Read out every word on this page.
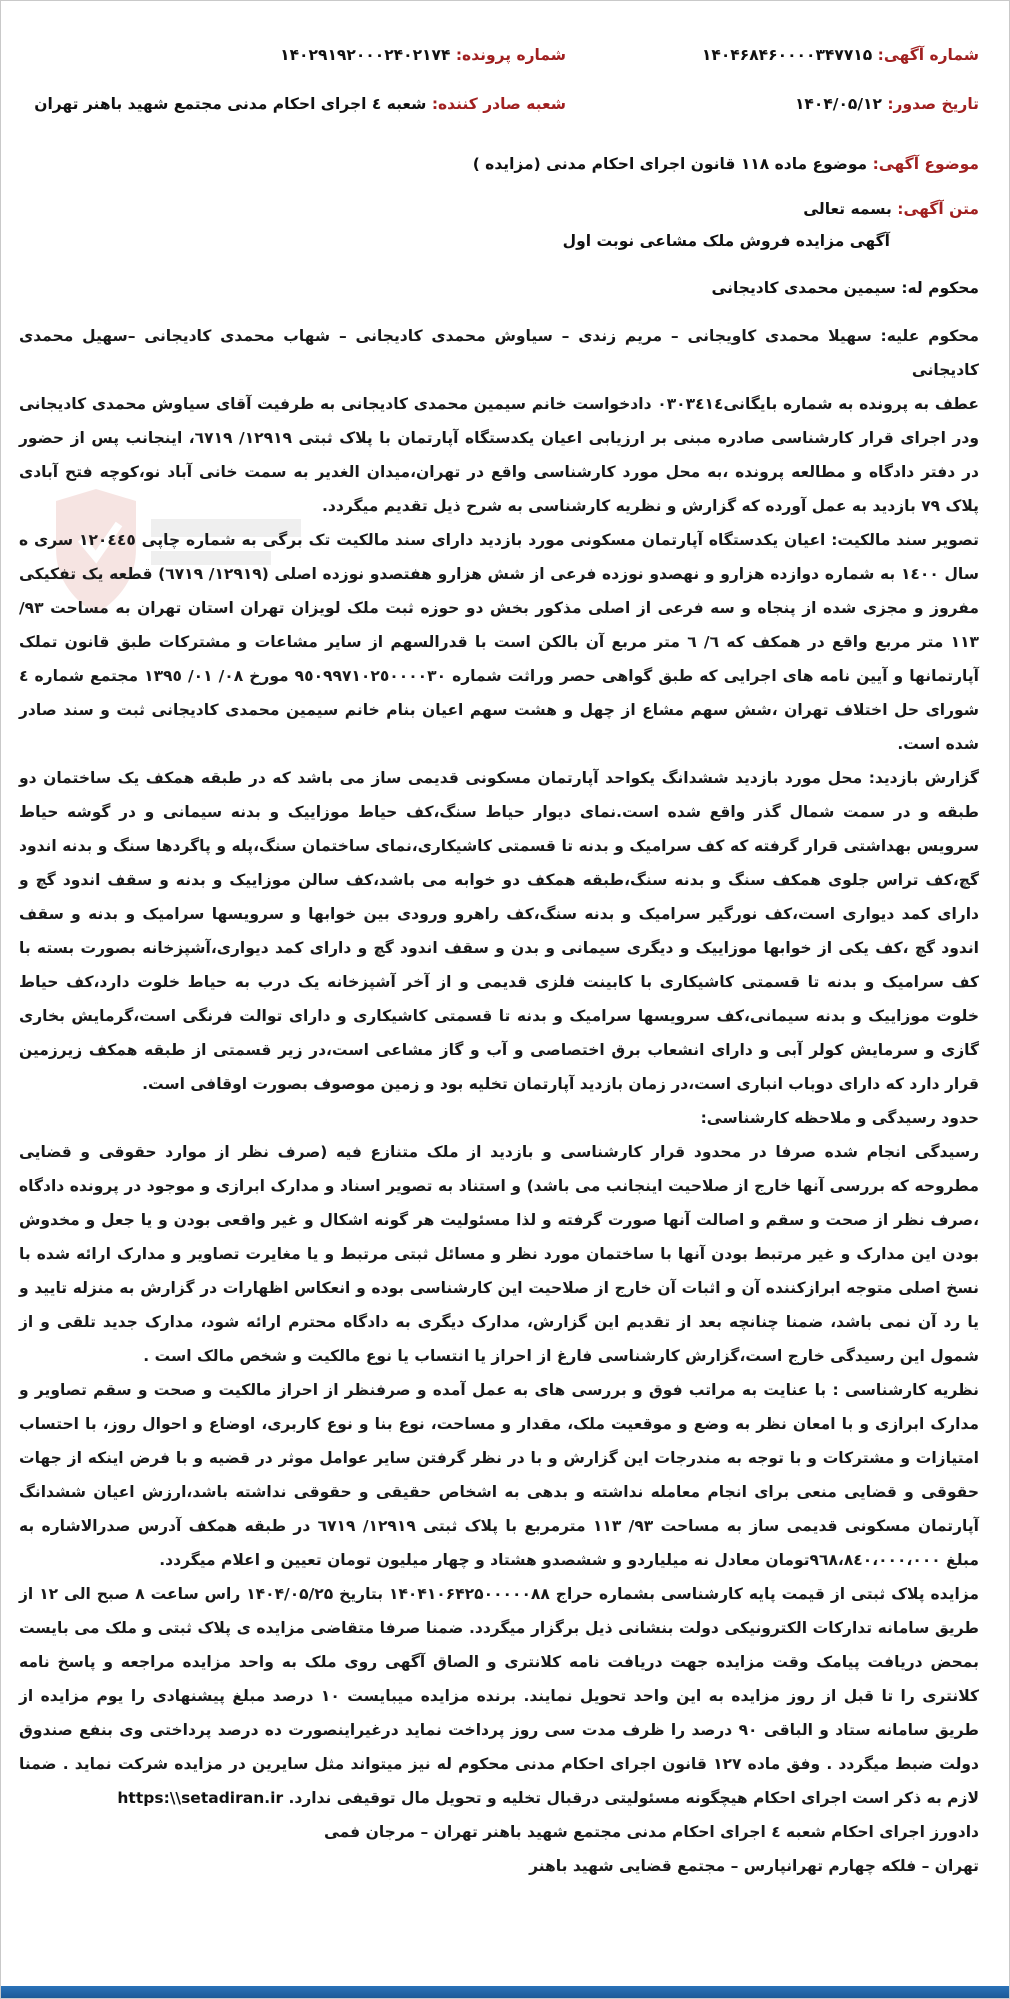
شماره آگهی: ۱۴۰۴۶۸۴۶۰۰۰۰۳۴۷۷۱۵
شماره پرونده: ۱۴۰۲۹۱۹۲۰۰۰۲۴۰۲۱۷۴
تاریخ صدور: ۱۴۰۴/۰۵/۱۲
شعبه صادر کننده: شعبه ٤ اجرای احکام مدنی مجتمع شهید باهنر تهران
موضوع آگهی: موضوع ماده ۱۱۸ قانون اجرای احکام مدنی (مزایده )
متن آگهی: بسمه تعالی
آگهی مزایده فروش ملک مشاعی نوبت اول
محکوم له: سیمین محمدی کادیجانی

محکوم علیه: سهیلا محمدی کاویجانی – مریم زندی – سیاوش محمدی کادیجانی – شهاب محمدی کادیجانی –سهیل محمدی کادیجانی

عطف به پرونده به شماره بایگانی۰۳۰۳٤۱٤ دادخواست خانم سیمین محمدی کادیجانی به طرفیت آقای سیاوش محمدی کادیجانی ودر اجرای قرار کارشناسی صادره مبنی بر ارزیابی اعیان یکدستگاه آپارتمان با پلاک ثبتی ۱۲۹۱۹/ ٦٧١٩، اینجانب پس از حضور در دفتر دادگاه و مطالعه پرونده ،به محل مورد کارشناسی واقع در تهران،میدان الغدیر به سمت خانی آباد نو،کوچه فتح آبادی پلاک ۷۹ بازدید به عمل آورده که گزارش و نظریه کارشناسی به شرح ذیل تقدیم میگردد.

تصویر سند مالکیت: اعیان یکدستگاه آپارتمان مسکونی مورد بازدید دارای سند مالکیت تک برگی به شماره چاپی ۱۲۰٤٤٥ سری ه سال ۱٤۰۰ به شماره دوازده هزارو و نهصدو نوزده فرعی از شش هزارو هفتصدو نوزده اصلی (۱۲۹۱۹/ ٦٧١٩) قطعه یک تفکیکی مفروز و مجزی شده از پنجاه و سه فرعی از اصلی مذکور بخش دو حوزه ثبت ملک لویزان تهران استان تهران به مساحت ۹۳/ ۱۱۳ متر مربع واقع در همکف که ٦/ ٦ متر مربع آن بالکن است با قدرالسهم از سایر مشاعات و مشترکات طبق قانون تملک آپارتمانها و آیین نامه های اجرایی که طبق گواهی حصر وراثت شماره ۹٥۰۹۹۷۱۰۲٥۰۰۰۰۳۰ مورخ ۰۸/ ۰۱/ ۱۳۹٥ مجتمع شماره ٤ شورای حل اختلاف تهران ،شش سهم مشاع از چهل و هشت سهم اعیان بنام خانم سیمین محمدی کادیجانی ثبت و سند صادر شده است.

گزارش بازدید: محل مورد بازدید ششدانگ یکواحد آپارتمان مسکونی قدیمی ساز می باشد که در طبقه همکف یک ساختمان دو طبقه و در سمت شمال گذر واقع شده است.نمای دیوار حیاط سنگ،کف حیاط موزاییک و بدنه سیمانی و در گوشه حیاط سرویس بهداشتی قرار گرفته که کف سرامیک و بدنه تا قسمتی کاشیکاری،نمای ساختمان سنگ،پله و پاگردها سنگ و بدنه اندود گچ،کف تراس جلوی همکف سنگ و بدنه سنگ،طبقه همکف دو خوابه می باشد،کف سالن موزاییک و بدنه و سقف اندود گچ و دارای کمد دیواری است،کف نورگیر سرامیک و بدنه سنگ،کف راهرو ورودی بین خوابها و سرویسها سرامیک و بدنه و سقف اندود گچ ،کف یکی از خوابها موزاییک و دیگری سیمانی و بدن و سقف اندود گچ و دارای کمد دیواری،آشپزخانه بصورت بسته با کف سرامیک و بدنه تا قسمتی کاشیکاری با کابینت فلزی قدیمی و از آخر آشپزخانه یک درب به حیاط خلوت دارد،کف حیاط خلوت موزاییک و بدنه سیمانی،کف سرویسها سرامیک و بدنه تا قسمتی کاشیکاری و دارای توالت فرنگی است،گرمایش بخاری گازی و سرمایش کولر آبی و دارای انشعاب برق اختصاصی و آب و گاز مشاعی است،در زیر قسمتی از طبقه همکف زیرزمین قرار دارد که دارای دوباب انباری است،در زمان بازدید آپارتمان تخلیه بود و زمین موصوف بصورت اوقافی است.

حدود رسیدگی و ملاحظه کارشناسی:

رسیدگی انجام شده صرفا در محدود قرار کارشناسی و بازدید از ملک متنازع فیه (صرف نظر از موارد حقوقی و قضایی مطروحه که بررسی آنها خارج از صلاحیت اینجانب می باشد) و استناد به تصویر اسناد و مدارک ابرازی و موجود در پرونده دادگاه ،صرف نظر از صحت و سقم و اصالت آنها صورت گرفته و لذا مسئولیت هر گونه اشکال و غیر واقعی بودن و یا جعل و مخدوش بودن این مدارک و غیر مرتبط بودن آنها با ساختمان مورد نظر و مسائل ثبتی مرتبط و یا مغایرت تصاویر و مدارک ارائه شده با نسخ اصلی متوجه ابرازکننده آن و اثبات آن خارج از صلاحیت این کارشناسی بوده و انعکاس اظهارات در گزارش به منزله تایید و یا رد آن نمی باشد، ضمنا چنانچه بعد از تقدیم این گزارش، مدارک دیگری به دادگاه محترم ارائه شود، مدارک جدید تلقی و از شمول این رسیدگی خارج است،گزارش کارشناسی فارغ از احراز یا انتساب یا نوع مالکیت و شخص مالک است .

نظریه کارشناسی : با عنایت به مراتب فوق و بررسی های به عمل آمده و صرفنظر از احراز مالکیت و صحت و سقم تصاویر و مدارک ابرازی و با امعان نظر به وضع و موقعیت ملک، مقدار و مساحت، نوع بنا و نوع کاربری، اوضاع و احوال روز، با احتساب امتیازات و مشترکات و با توجه به مندرجات این گزارش و با در نظر گرفتن سایر عوامل موثر در قضیه و با فرض اینکه از جهات حقوقی و قضایی منعی برای انجام معامله نداشته و بدهی به اشخاص حقیقی و حقوقی نداشته باشد،ارزش اعیان ششدانگ آپارتمان مسکونی قدیمی ساز به مساحت ۹۳/ ۱۱۳ مترمربع با پلاک ثبتی ۱۲۹۱۹/ ٦٧١٩ در طبقه همکف آدرس صدرالاشاره به مبلغ ۹٦۸،۸٤۰،۰۰۰،۰۰۰تومان معادل نه میلیاردو و ششصدو هشتاد و چهار میلیون تومان تعیین و اعلام میگردد.

مزایده پلاک ثبتی از قیمت پایه کارشناسی بشماره حراج ۱۴۰۴۱۰۶۴۲۵۰۰۰۰۰۸۸ بتاریخ ۱۴۰۴/۰۵/۲۵ راس ساعت ۸ صبح الی ۱۲ از طریق سامانه تدارکات الکترونیکی دولت بنشانی ذیل برگزار میگردد. ضمنا صرفا متقاضی مزایده ی پلاک ثبتی و ملک می بایست بمحض دریافت پیامک وقت مزایده جهت دریافت نامه کلانتری و الصاق آگهی روی ملک به واحد مزایده مراجعه و پاسخ نامه کلانتری را تا قبل از روز مزایده به این واحد تحویل نمایند. برنده مزایده میبایست ۱۰ درصد مبلغ پیشنهادی را یوم مزایده از طریق سامانه ستاد و الباقی ۹۰ درصد را ظرف مدت سی روز پرداخت نماید درغیراینصورت ده درصد پرداختی وی بنفع صندوق دولت ضبط میگردد . وفق ماده ۱۲۷ قانون اجرای احکام مدنی محکوم له نیز میتواند مثل سایرین در مزایده شرکت نماید . ضمنا لازم به ذکر است اجرای احکام هیچگونه مسئولیتی درقبال تخلیه و تحویل مال توقیفی ندارد. https:\\setadiran.ir

دادورز اجرای احکام شعبه ٤ اجرای احکام مدنی مجتمع شهید باهنر تهران – مرجان فمی

تهران – فلکه چهارم تهرانپارس – مجتمع قضایی شهید باهنر
